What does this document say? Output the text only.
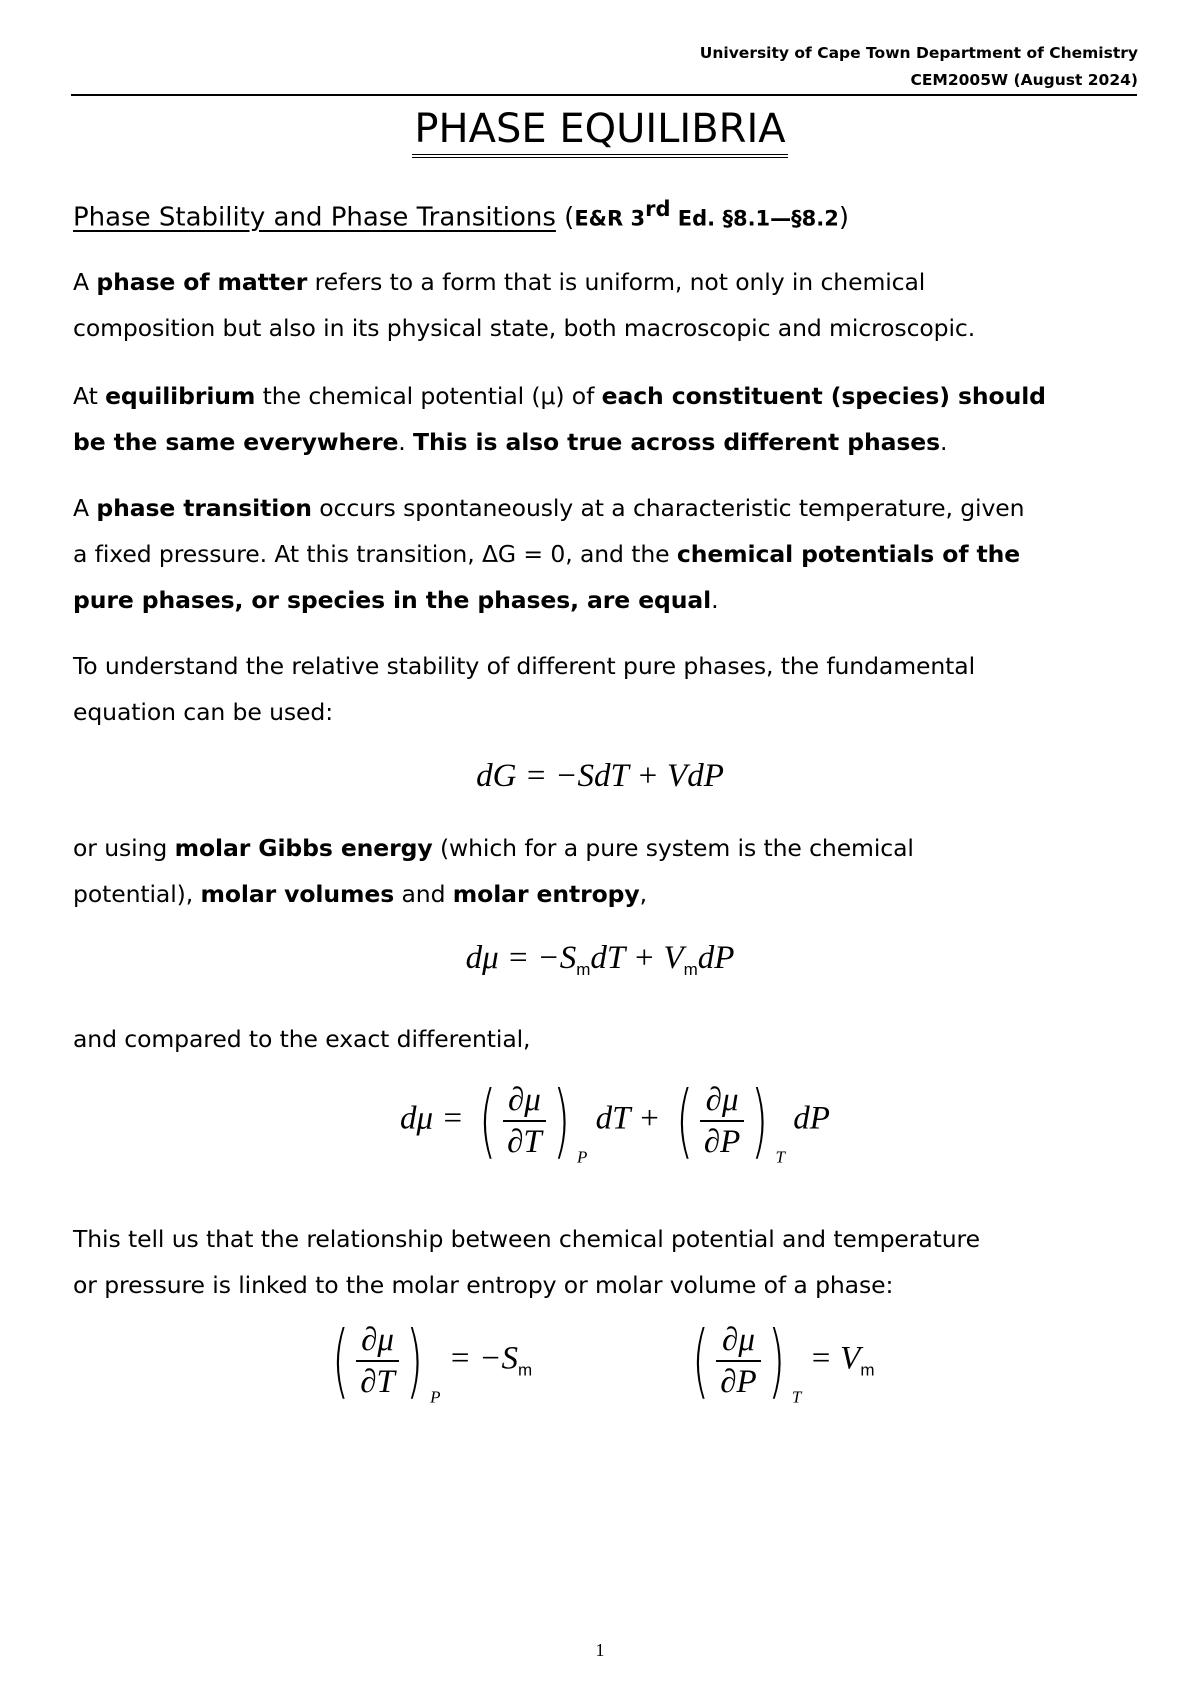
University of Cape Town Department of Chemistry
CEM2005W (August 2024)
PHASE EQUILIBRIA
Phase Stability and Phase Transitions (E&R 3rd Ed. §8.1—§8.2)
A phase of matter refers to a form that is uniform, not only in chemical
composition but also in its physical state, both macroscopic and microscopic.
At equilibrium the chemical potential (μ) of each constituent (species) should
be the same everywhere. This is also true across different phases.
A phase transition occurs spontaneously at a characteristic temperature, given
a fixed pressure. At this transition, ΔG = 0, and the chemical potentials of the
pure phases, or species in the phases, are equal.
To understand the relative stability of different pure phases, the fundamental
equation can be used:
dG = −SdT + VdP
or using molar Gibbs energy (which for a pure system is the chemical
potential), molar volumes and molar entropy,
$d\mu = -S_mdT + V_mdP$
and compared to the exact differential,
dμ = ( $\frac{\partial\mu}{\partial T}$ ) $_P$ dT + ( $\frac{\partial\mu}{\partial P}$ ) $_T$ dP
This tell us that the relationship between chemical potential and temperature
or pressure is linked to the molar entropy or molar volume of a phase:
( $\frac{\partial\mu}{\partial T}$ ) $_P = -S_m$ ( $\frac{\partial\mu}{\partial P}$ ) $_T = V_m$
1
